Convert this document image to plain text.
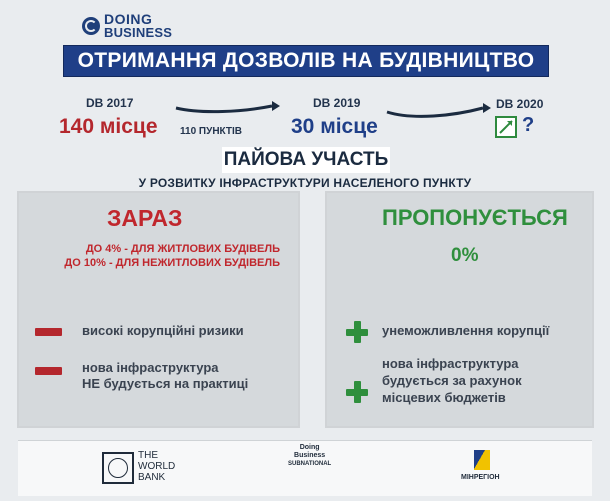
DOING
BUSINESS
ОТРИМАННЯ ДОЗВОЛІВ НА БУДІВНИЦТВО
DB 2017
140 місце 110 ПУНКТІВ
DB 2019
30 місце
DB 2020
?
ПАЙОВА УЧАСТЬ
У РОЗВИТКУ ІНФРАСТРУКТУРИ НАСЕЛЕНОГО ПУНКТУ
ЗАРАЗ
ДО 4% - ДЛЯ ЖИТЛОВИХ БУДІВЕЛЬ
ДО 10% - ДЛЯ НЕЖИТЛОВИХ БУДІВЕЛЬ
високі корупційні ризики
нова інфраструктура
НЕ будується на практиці
ПРОПОНУЄТЬСЯ
0%
унеможливлення корупції
нова інфраструктура
будується за рахунок
місцевих бюджетів
THE
WORLD
BANK
Doing
Business
SUBNATIONAL
МІНРЕГІОН
